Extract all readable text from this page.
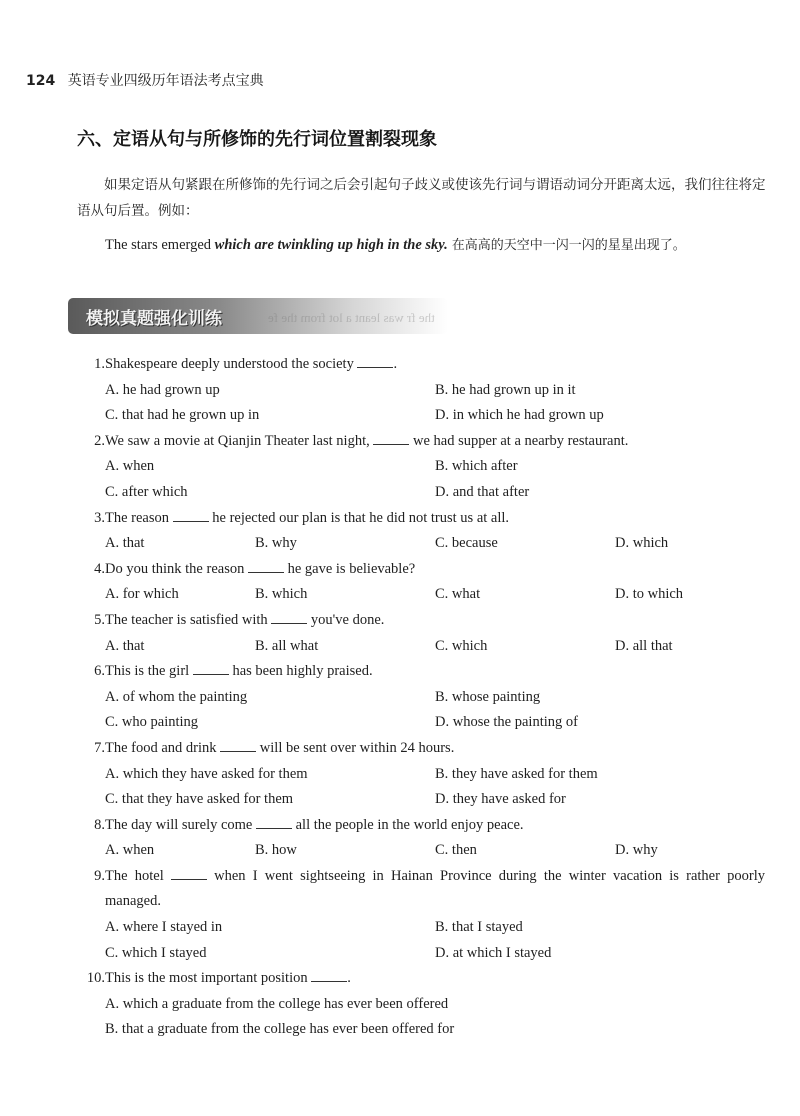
124 英语专业四级历年语法考点宝典
六、定语从句与所修饰的先行词位置割裂现象
如果定语从句紧跟在所修饰的先行词之后会引起句子歧义或使该先行词与谓语动词分开距离太远，我们往往将定语从句后置。例如：
The stars emerged which are twinkling up high in the sky. 在高高的天空中一闪一闪的星星出现了。
模拟真题强化训练	the fr was leant a lot from the fe
1. Shakespeare deeply understood the society .
A. he had grown up	B. he had grown up in it
C. that had he grown up in	D. in which he had grown up
2. We saw a movie at Qianjin Theater last night,  we had supper at a nearby restaurant.
A. when	B. which after
C. after which	D. and that after
3. The reason  he rejected our plan is that he did not trust us at all.
A. that	B. why	C. because	D. which
4. Do you think the reason  he gave is believable?
A. for which	B. which	C. what	D. to which
5. The teacher is satisfied with  you've done.
A. that	B. all what	C. which	D. all that
6. This is the girl  has been highly praised.
A. of whom the painting	B. whose painting
C. who painting	D. whose the painting of
7. The food and drink  will be sent over within 24 hours.
A. which they have asked for them	B. they have asked for them
C. that they have asked for them	D. they have asked for
8. The day will surely come  all the people in the world enjoy peace.
A. when	B. how	C. then	D. why
9. The hotel  when I went sightseeing in Hainan Province during the winter vacation is rather poorly managed.
A. where I stayed in	B. that I stayed
C. which I stayed	D. at which I stayed
10. This is the most important position .
A. which a graduate from the college has ever been offered
B. that a graduate from the college has ever been offered for
